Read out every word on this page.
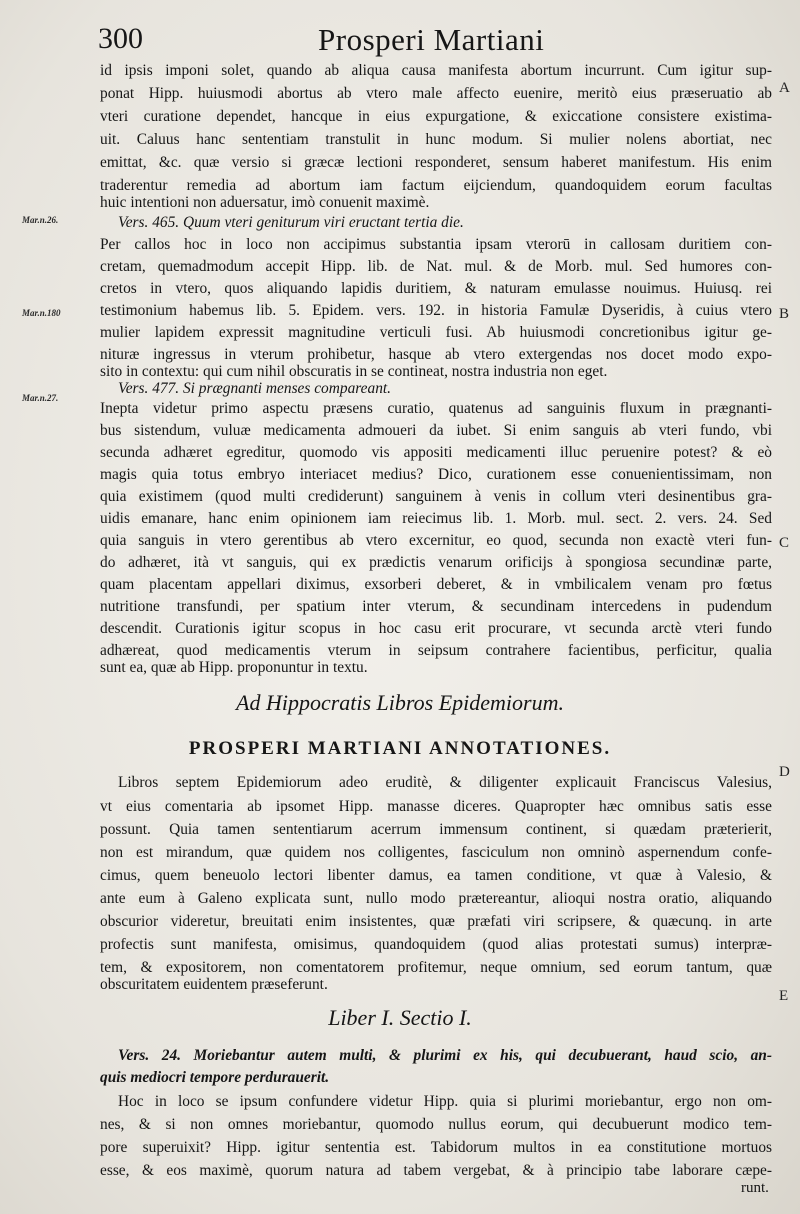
300	Prosperi Martiani

Mar.n.26.
Mar.n.180
Mar.n.27.
A
B
C
D
E
id ipsis imponi solet, quando ab aliqua causa manifesta abortum incurrunt. Cum igitur sup-
ponat Hipp. huiusmodi abortus ab vtero male affecto euenire, meritò eius præseruatio ab
vteri curatione dependet, hancque in eius expurgatione, & exiccatione consistere existima-
uit. Caluus hanc sententiam transtulit in hunc modum. Si mulier nolens abortiat, nec
emittat, &c. quæ versio si græcæ lectioni responderet, sensum haberet manifestum. His enim
traderentur remedia ad abortum iam factum eijciendum, quandoquidem eorum facultas
huic intentioni non aduersatur, imò conuenit maximè.
Vers. 465. Quum vteri geniturum viri eructant tertia die.
Per callos hoc in loco non accipimus substantia ipsam vterorū in callosam duritiem con-
cretam, quemadmodum accepit Hipp. lib. de Nat. mul. & de Morb. mul. Sed humores con-
cretos in vtero, quos aliquando lapidis duritiem, & naturam emulasse nouimus. Huiusq. rei
testimonium habemus lib. 5. Epidem. vers. 192. in historia Famulæ Dyseridis, à cuius vtero
mulier lapidem expressit magnitudine verticuli fusi. Ab huiusmodi concretionibus igitur ge-
nituræ ingressus in vterum prohibetur, hasque ab vtero extergendas nos docet modo expo-
sito in contextu: qui cum nihil obscuratis in se contineat, nostra industria non eget.
Vers. 477. Si prægnanti menses compareant.
Inepta videtur primo aspectu præsens curatio, quatenus ad sanguinis fluxum in prægnanti-
bus sistendum, vuluæ medicamenta admoueri da iubet. Si enim sanguis ab vteri fundo, vbi
secunda adhæret egreditur, quomodo vis appositi medicamenti illuc peruenire potest? & eò
magis quia totus embryo interiacet medius? Dico, curationem esse conuenientissimam, non
quia existimem (quod multi crediderunt) sanguinem à venis in collum vteri desinentibus gra-
uidis emanare, hanc enim opinionem iam reiecimus lib. 1. Morb. mul. sect. 2. vers. 24. Sed
quia sanguis in vtero gerentibus ab vtero excernitur, eo quod, secunda non exactè vteri fun-
do adhæret, ità vt sanguis, qui ex prædictis venarum orificijs à spongiosa secundinæ parte,
quam placentam appellari diximus, exsorberi deberet, & in vmbilicalem venam pro fœtus
nutritione transfundi, per spatium inter vterum, & secundinam intercedens in pudendum
descendit. Curationis igitur scopus in hoc casu erit procurare, vt secunda arctè vteri fundo
adhæreat, quod medicamentis vterum in seipsum contrahere facientibus, perficitur, qualia
sunt ea, quæ ab Hipp. proponuntur in textu.
Ad Hippocratis Libros Epidemiorum.
PROSPERI MARTIANI ANNOTATIONES.
Libros septem Epidemiorum adeo eruditè, & diligenter explicauit Franciscus Valesius,
vt eius comentaria ab ipsomet Hipp. manasse diceres. Quapropter hæc omnibus satis esse
possunt. Quia tamen sententiarum acerrum immensum continent, si quædam præterierit,
non est mirandum, quæ quidem nos colligentes, fasciculum non omninò aspernendum confe-
cimus, quem beneuolo lectori libenter damus, ea tamen conditione, vt quæ à Valesio, &
ante eum à Galeno explicata sunt, nullo modo prætereantur, alioqui nostra oratio, aliquando
obscurior videretur, breuitati enim insistentes, quæ præfati viri scripsere, & quæcunq. in arte
profectis sunt manifesta, omisimus, quandoquidem (quod alias protestati sumus) interpræ-
tem, & expositorem, non comentatorem profitemur, neque omnium, sed eorum tantum, quæ
obscuritatem euidentem præseferunt.
Liber I. Sectio I.
Vers. 24. Moriebantur autem multi, & plurimi ex his, qui decubuerant, haud scio, an-
quis mediocri tempore perdurauerit.
Hoc in loco se ipsum confundere videtur Hipp. quia si plurimi moriebantur, ergo non om-
nes, & si non omnes moriebantur, quomodo nullus eorum, qui decubuerunt modico tem-
pore superuixit? Hipp. igitur sententia est. Tabidorum multos in ea constitutione mortuos
esse, & eos maximè, quorum natura ad tabem vergebat, & à principio tabe laborare cæpe-
runt.
